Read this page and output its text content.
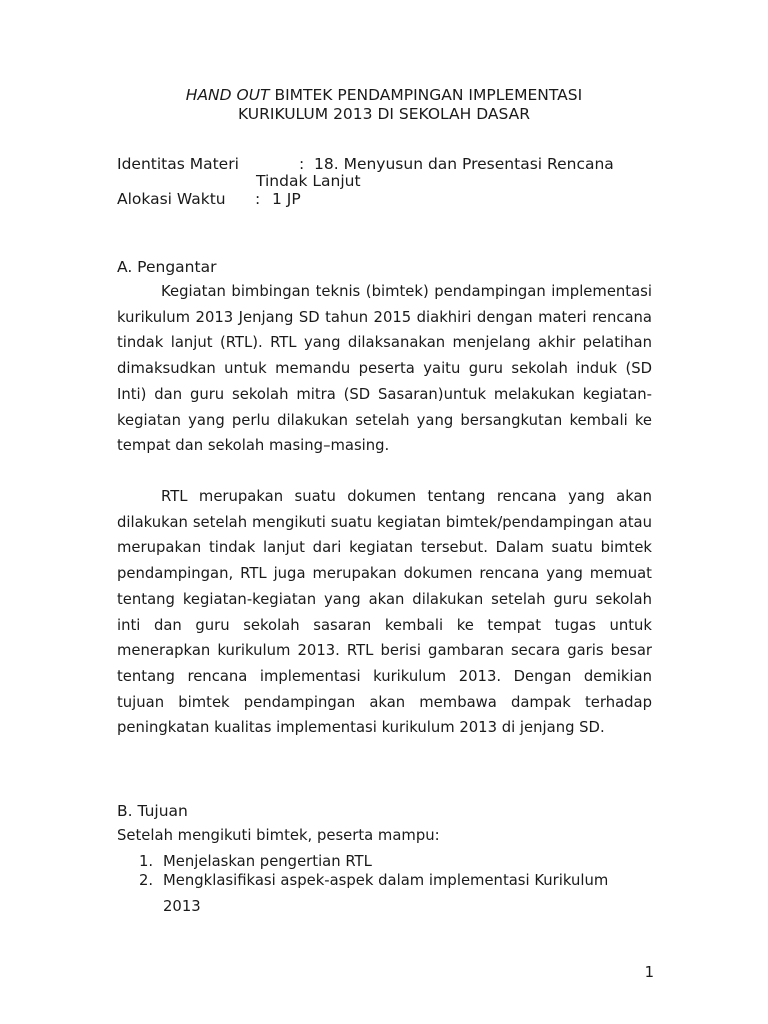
HAND OUT BIMTEK PENDAMPINGAN IMPLEMENTASI
KURIKULUM 2013 DI SEKOLAH DASAR
Identitas Materi	: 18. Menyusun dan Presentasi Rencana
Tindak Lanjut
Alokasi Waktu : 1 JP
A. Pengantar
Kegiatan bimbingan teknis (bimtek) pendampingan implementasi kurikulum 2013 Jenjang SD tahun 2015 diakhiri dengan materi rencana tindak lanjut (RTL). RTL yang dilaksanakan menjelang akhir pelatihan dimaksudkan untuk memandu peserta yaitu guru sekolah induk (SD Inti) dan guru sekolah mitra (SD Sasaran)untuk melakukan kegiatan-kegiatan yang perlu dilakukan setelah yang bersangkutan kembali ke tempat dan sekolah masing–masing.
RTL merupakan suatu dokumen tentang rencana yang akan dilakukan setelah mengikuti suatu kegiatan bimtek/pendampingan atau merupakan tindak lanjut dari kegiatan tersebut. Dalam suatu bimtek pendampingan, RTL juga merupakan dokumen rencana yang memuat tentang kegiatan-kegiatan yang akan dilakukan setelah guru sekolah inti dan guru sekolah sasaran kembali ke tempat tugas untuk menerapkan kurikulum 2013. RTL berisi gambaran secara garis besar tentang rencana implementasi kurikulum 2013. Dengan demikian tujuan bimtek pendampingan akan membawa dampak terhadap peningkatan kualitas implementasi kurikulum 2013 di jenjang SD.
B. Tujuan
Setelah mengikuti bimtek, peserta mampu:
1. Menjelaskan pengertian RTL
2. Mengklasifikasi aspek-aspek dalam implementasi Kurikulum
2013
1
